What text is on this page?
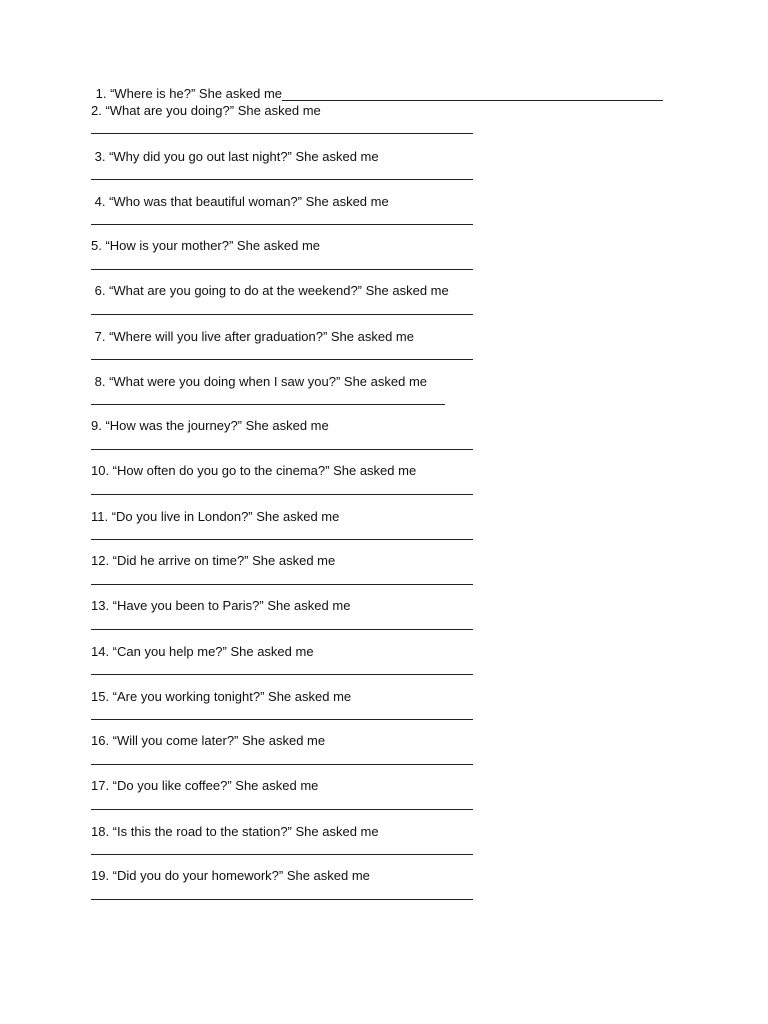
1. “Where is he?” She asked me
2. “What are you doing?” She asked me
3. “Why did you go out last night?” She asked me
4. “Who was that beautiful woman?” She asked me
5. “How is your mother?” She asked me
6. “What are you going to do at the weekend?” She asked me
7. “Where will you live after graduation?” She asked me
8. “What were you doing when I saw you?” She asked me
9. “How was the journey?” She asked me
10. “How often do you go to the cinema?” She asked me
11. “Do you live in London?” She asked me
12. “Did he arrive on time?” She asked me
13. “Have you been to Paris?” She asked me
14. “Can you help me?” She asked me
15. “Are you working tonight?” She asked me
16. “Will you come later?” She asked me
17. “Do you like coffee?” She asked me
18. “Is this the road to the station?” She asked me
19. “Did you do your homework?” She asked me
